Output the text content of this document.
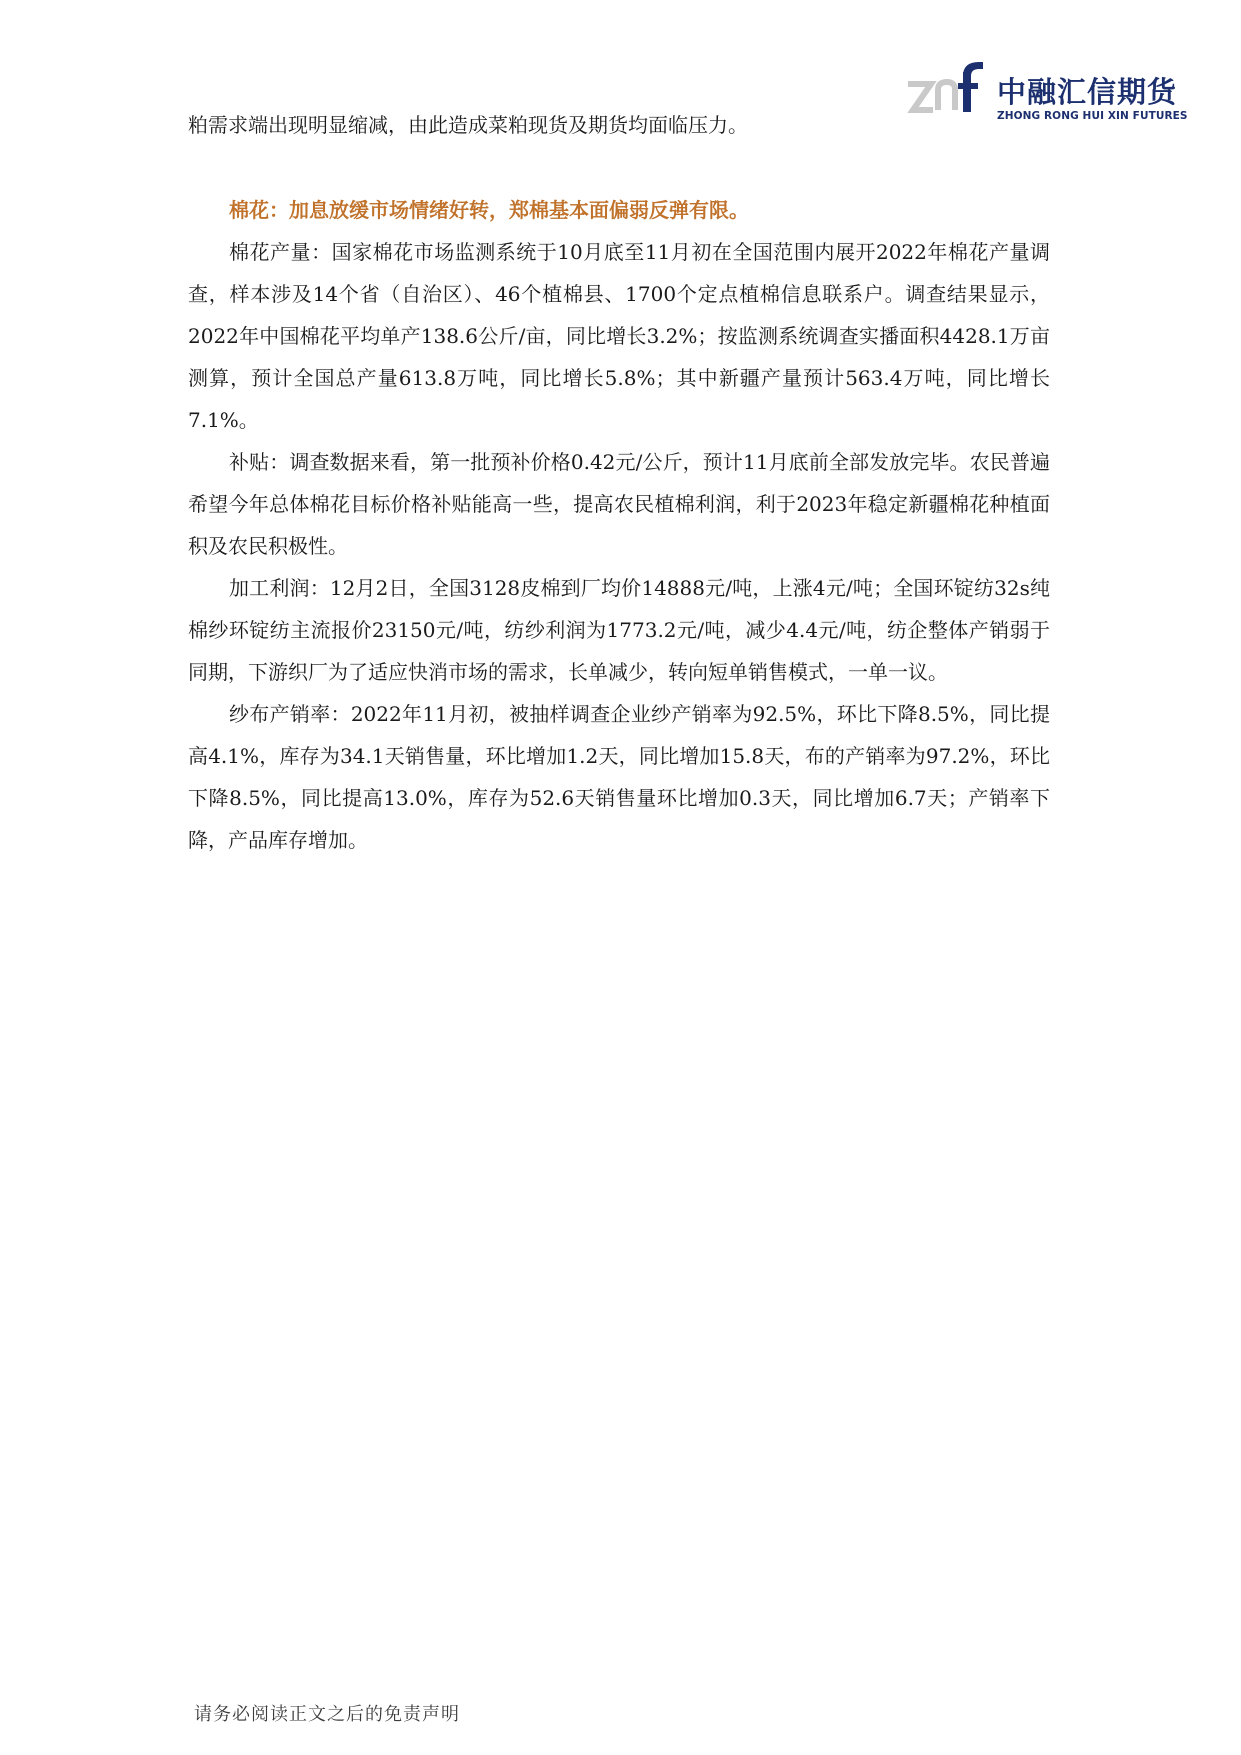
中融汇信期货
ZHONG RONG HUI XIN FUTURES

粕需求端出现明显缩减，由此造成菜粕现货及期货均面临压力。

棉花：加息放缓市场情绪好转，郑棉基本面偏弱反弹有限。

棉花产量：国家棉花市场监测系统于10月底至11月初在全国范围内展开2022年棉花产量调查，样本涉及14个省（自治区）、46个植棉县、1700个定点植棉信息联系户。调查结果显示，2022年中国棉花平均单产138.6公斤/亩，同比增长3.2%；按监测系统调查实播面积4428.1万亩测算，预计全国总产量613.8万吨，同比增长5.8%；其中新疆产量预计563.4万吨，同比增长7.1%。

补贴：调查数据来看，第一批预补价格0.42元/公斤，预计11月底前全部发放完毕。农民普遍希望今年总体棉花目标价格补贴能高一些，提高农民植棉利润，利于2023年稳定新疆棉花种植面积及农民积极性。

加工利润：12月2日，全国3128皮棉到厂均价14888元/吨，上涨4元/吨；全国环锭纺32s纯棉纱环锭纺主流报价23150元/吨，纺纱利润为1773.2元/吨，减少4.4元/吨，纺企整体产销弱于同期，下游织厂为了适应快消市场的需求，长单减少，转向短单销售模式，一单一议。

纱布产销率：2022年11月初，被抽样调查企业纱产销率为92.5%，环比下降8.5%，同比提高4.1%，库存为34.1天销售量，环比增加1.2天，同比增加15.8天，布的产销率为97.2%，环比下降8.5%，同比提高13.0%，库存为52.6天销售量环比增加0.3天，同比增加6.7天；产销率下降，产品库存增加。

请务必阅读正文之后的免责声明
